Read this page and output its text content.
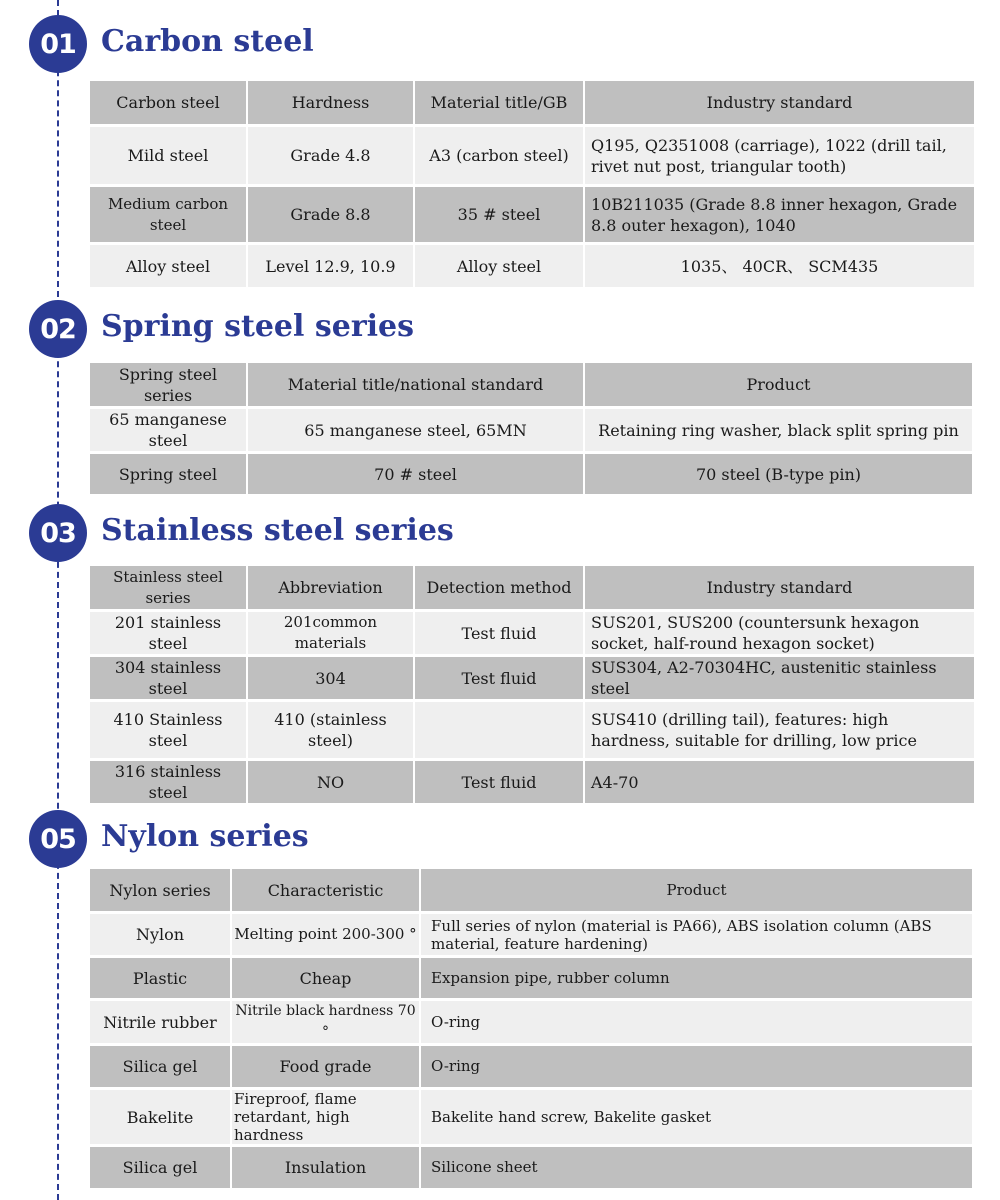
01 Carbon steel
Carbon steel	Hardness	Material title/GB	Industry standard
Mild steel	Grade 4.8	A3 (carbon steel)	Q195, Q2351008 (carriage), 1022 (drill tail, rivet nut post, triangular tooth)
Medium carbon steel	Grade 8.8	35 # steel	10B211035 (Grade 8.8 inner hexagon, Grade 8.8 outer hexagon), 1040
Alloy steel	Level 12.9, 10.9	Alloy steel	1035、 40CR、 SCM435
02 Spring steel series
Spring steel series	Material title/national standard	Product
65 manganese steel	65 manganese steel, 65MN	Retaining ring washer, black split spring pin
Spring steel	70 # steel	70 steel (B-type pin)
03 Stainless steel series
Stainless steel series	Abbreviation	Detection method	Industry standard
201 stainless steel	201common materials	Test fluid	SUS201, SUS200 (countersunk hexagon socket, half-round hexagon socket)
304 stainless steel	304	Test fluid	SUS304, A2-70304HC, austenitic stainless steel
410 Stainless steel	410 (stainless steel)		SUS410 (drilling tail), features: high hardness, suitable for drilling, low price
316 stainless steel	NO	Test fluid	A4-70
05 Nylon series
Nylon series	Characteristic	Product
Nylon	Melting point 200-300 °	Full series of nylon (material is PA66), ABS isolation column (ABS material, feature hardening)
Plastic	Cheap	Expansion pipe, rubber column
Nitrile rubber	Nitrile black hardness 70 °	O-ring
Silica gel	Food grade	O-ring
Bakelite	Fireproof, flame retardant, high hardness	Bakelite hand screw, Bakelite gasket
Silica gel	Insulation	Silicone sheet
